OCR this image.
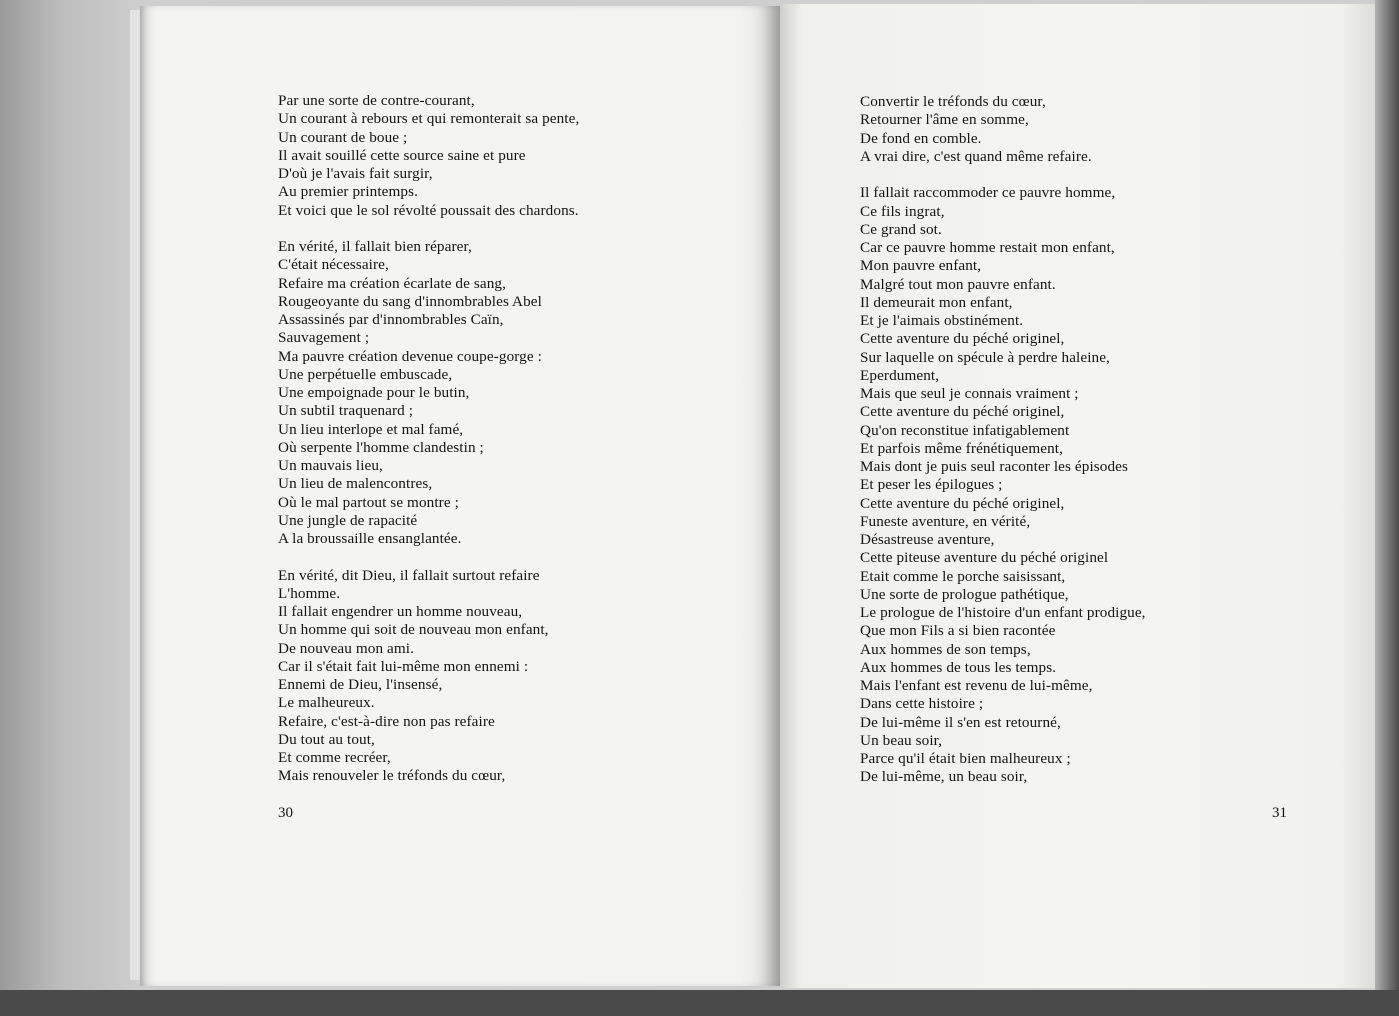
Par une sorte de contre-courant,
Un courant à rebours et qui remonterait sa pente,
Un courant de boue ;
Il avait souillé cette source saine et pure
D'où je l'avais fait surgir,
Au premier printemps.
Et voici que le sol révolté poussait des chardons.
En vérité, il fallait bien réparer,
C'était nécessaire,
Refaire ma création écarlate de sang,
Rougeoyante du sang d'innombrables Abel
Assassinés par d'innombrables Caïn,
Sauvagement ;
Ma pauvre création devenue coupe-gorge :
Une perpétuelle embuscade,
Une empoignade pour le butin,
Un subtil traquenard ;
Un lieu interlope et mal famé,
Où serpente l'homme clandestin ;
Un mauvais lieu,
Un lieu de malencontres,
Où le mal partout se montre ;
Une jungle de rapacité
A la broussaille ensanglantée.
En vérité, dit Dieu, il fallait surtout refaire
L'homme.
Il fallait engendrer un homme nouveau,
Un homme qui soit de nouveau mon enfant,
De nouveau mon ami.
Car il s'était fait lui-même mon ennemi :
Ennemi de Dieu, l'insensé,
Le malheureux.
Refaire, c'est-à-dire non pas refaire
Du tout au tout,
Et comme recréer,
Mais renouveler le tréfonds du cœur,
Convertir le tréfonds du cœur,
Retourner l'âme en somme,
De fond en comble.
A vrai dire, c'est quand même refaire.
Il fallait raccommoder ce pauvre homme,
Ce fils ingrat,
Ce grand sot.
Car ce pauvre homme restait mon enfant,
Mon pauvre enfant,
Malgré tout mon pauvre enfant.
Il demeurait mon enfant,
Et je l'aimais obstinément.
Cette aventure du péché originel,
Sur laquelle on spécule à perdre haleine,
Eperdument,
Mais que seul je connais vraiment ;
Cette aventure du péché originel,
Qu'on reconstitue infatigablement
Et parfois même frénétiquement,
Mais dont je puis seul raconter les épisodes
Et peser les épilogues ;
Cette aventure du péché originel,
Funeste aventure, en vérité,
Désastreuse aventure,
Cette piteuse aventure du péché originel
Etait comme le porche saisissant,
Une sorte de prologue pathétique,
Le prologue de l'histoire d'un enfant prodigue,
Que mon Fils a si bien racontée
Aux hommes de son temps,
Aux hommes de tous les temps.
Mais l'enfant est revenu de lui-même,
Dans cette histoire ;
De lui-même il s'en est retourné,
Un beau soir,
Parce qu'il était bien malheureux ;
De lui-même, un beau soir,
30	31
